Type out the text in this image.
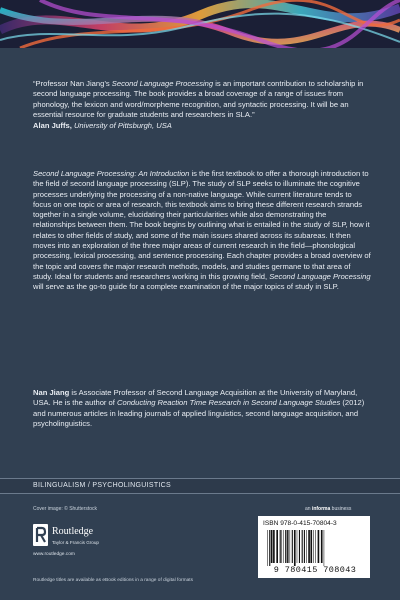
“Professor Nan Jiang’s Second Language Processing is an important contribution to scholarship in second language processing. The book provides a broad coverage of a range of issues from phonology, the lexicon and word/morpheme recognition, and syntactic processing. It will be an essential resource for graduate students and researchers in SLA.”

Alan Juffs, University of Pittsburgh, USA

Second Language Processing: An Introduction is the first textbook to offer a thorough introduction to the field of second language processing (SLP). The study of SLP seeks to illuminate the cognitive processes underlying the processing of a non-native language. While current literature tends to focus on one topic or area of research, this textbook aims to bring these different research strands together in a single volume, elucidating their particularities while also demonstrating the relationships between them. The book begins by outlining what is entailed in the study of SLP, how it relates to other fields of study, and some of the main issues shared across its subareas. It then moves into an exploration of the three major areas of current research in the field—phonological processing, lexical processing, and sentence processing. Each chapter provides a broad overview of the topic and covers the major research methods, models, and studies germane to that area of study. Ideal for students and researchers working in this growing field, Second Language Processing will serve as the go-to guide for a complete examination of the major topics of study in SLP.

Nan Jiang is Associate Professor of Second Language Acquisition at the University of Maryland, USA. He is the author of Conducting Reaction Time Research in Second Language Studies (2012) and numerous articles in leading journals of applied linguistics, second language acquisition, and psycholinguistics.

BILINGUALISM / PSYCHOLINGUISTICS
Cover image: © Shutterstock
Routledge
Taylor & Francis Group
www.routledge.com
Routledge titles are available as eBook editions in a range of digital formats
an informa business
ISBN 978-0-415-70804-3
9 780415 708043
